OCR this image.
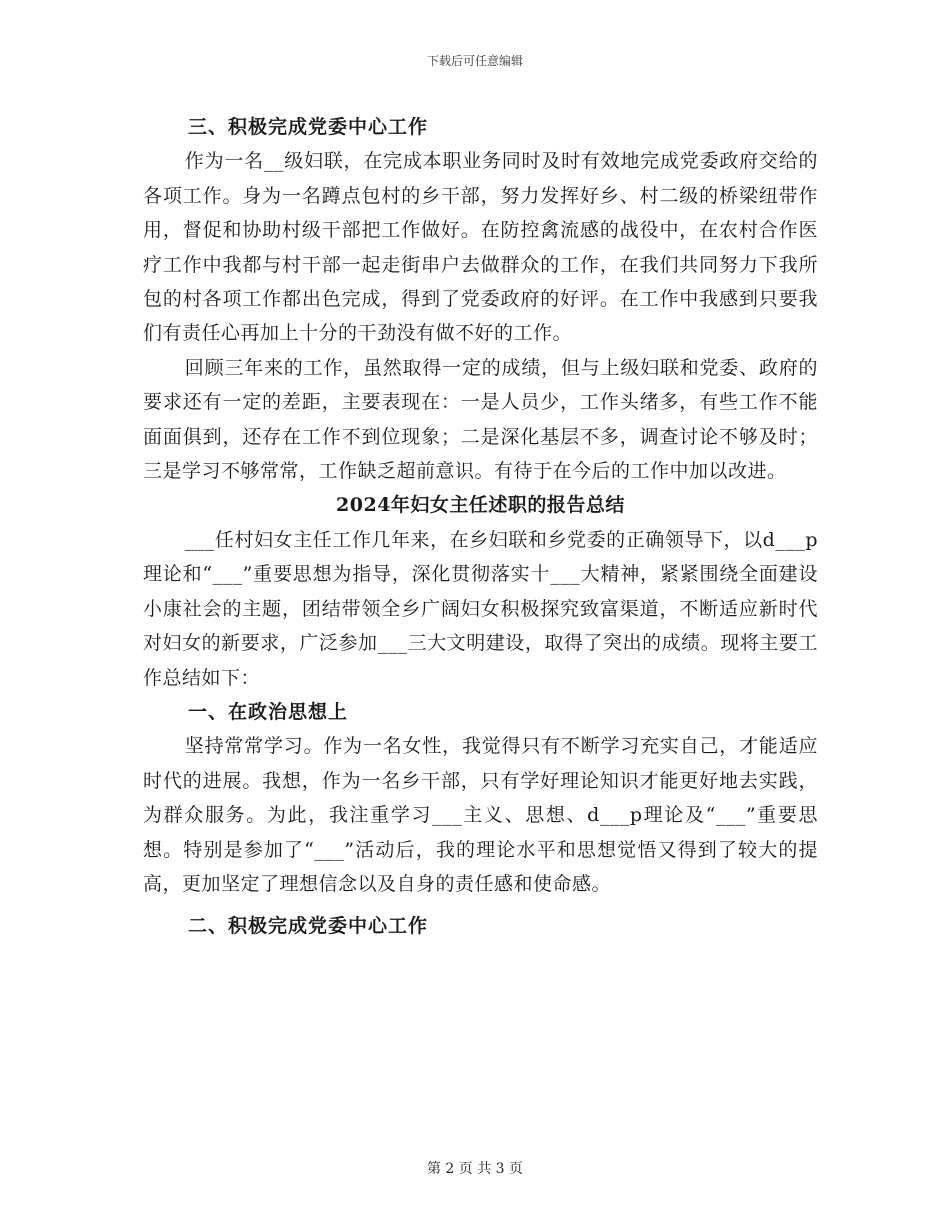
下载后可任意编辑
三、积极完成党委中心工作

作为一名__级妇联，在完成本职业务同时及时有效地完成党委政府交给的各项工作。身为一名蹲点包村的乡干部，努力发挥好乡、村二级的桥梁纽带作用，督促和协助村级干部把工作做好。在防控禽流感的战役中，在农村合作医疗工作中我都与村干部一起走街串户去做群众的工作，在我们共同努力下我所包的村各项工作都出色完成，得到了党委政府的好评。在工作中我感到只要我们有责任心再加上十分的干劲没有做不好的工作。

回顾三年来的工作，虽然取得一定的成绩，但与上级妇联和党委、政府的要求还有一定的差距，主要表现在：一是人员少，工作头绪多，有些工作不能面面俱到，还存在工作不到位现象；二是深化基层不多，调查讨论不够及时；三是学习不够常常，工作缺乏超前意识。有待于在今后的工作中加以改进。

2024年妇女主任述职的报告总结

___任村妇女主任工作几年来，在乡妇联和乡党委的正确领导下，以d___p理论和“___”重要思想为指导，深化贯彻落实十___大精神，紧紧围绕全面建设小康社会的主题，团结带领全乡广阔妇女积极探究致富渠道，不断适应新时代对妇女的新要求，广泛参加___三大文明建设，取得了突出的成绩。现将主要工作总结如下：

一、在政治思想上

坚持常常学习。作为一名女性，我觉得只有不断学习充实自己，才能适应时代的进展。我想，作为一名乡干部，只有学好理论知识才能更好地去实践，为群众服务。为此，我注重学习___主义、思想、d___p理论及“___”重要思想。特别是参加了“___”活动后，我的理论水平和思想觉悟又得到了较大的提高，更加坚定了理想信念以及自身的责任感和使命感。

二、积极完成党委中心工作
第 2 页 共 3 页
